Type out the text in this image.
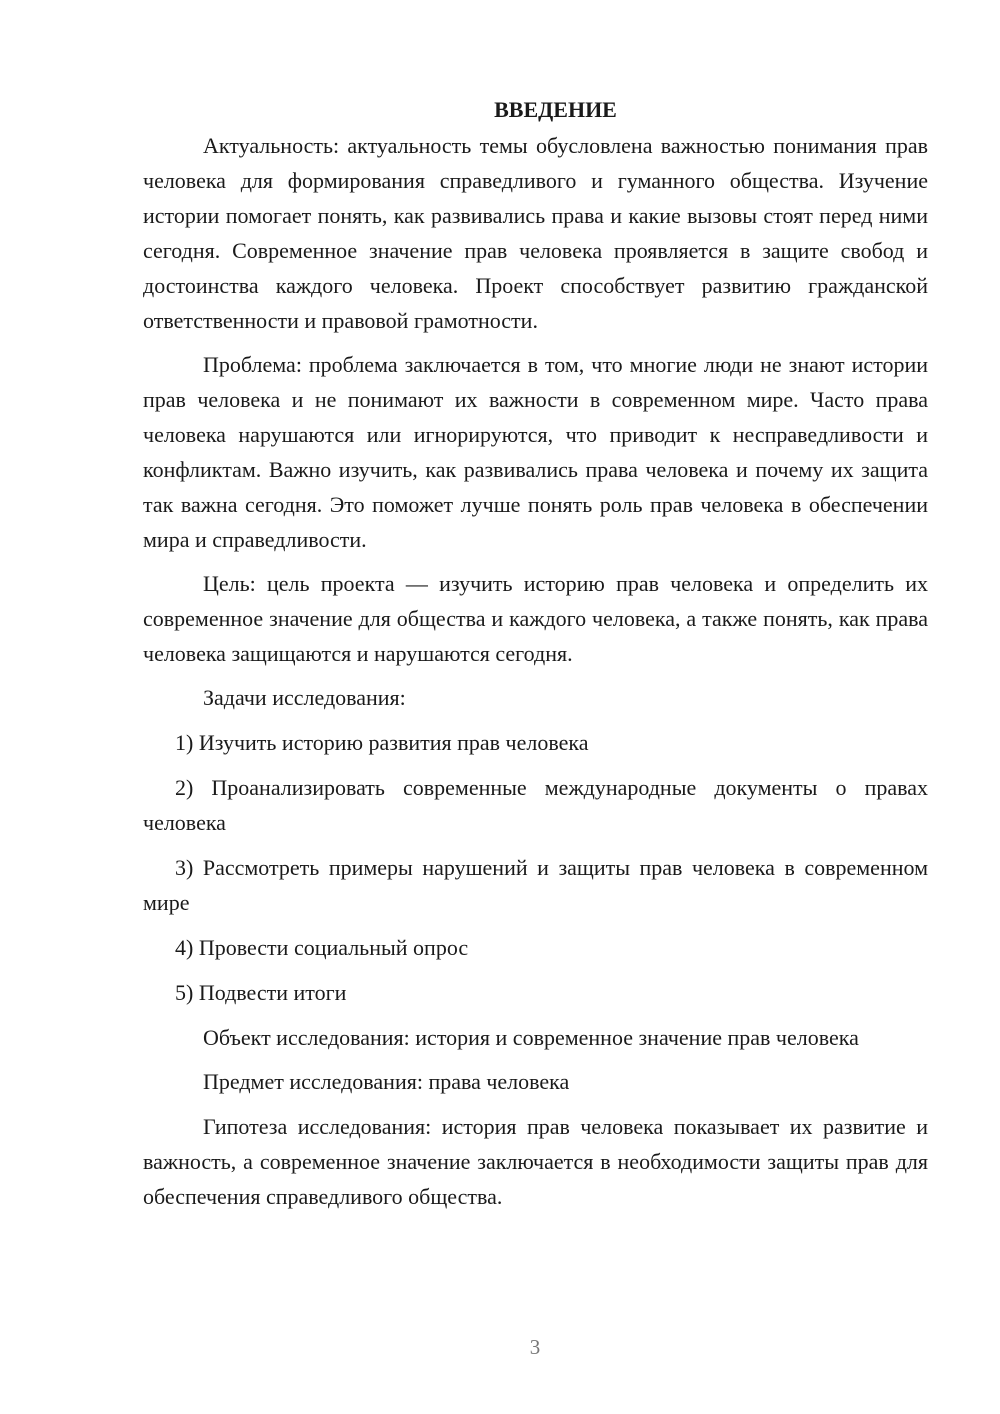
ВВЕДЕНИЕ

Актуальность: актуальность темы обусловлена важностью понимания прав человека для формирования справедливого и гуманного общества. Изучение истории помогает понять, как развивались права и какие вызовы стоят перед ними сегодня. Современное значение прав человека проявляется в защите свобод и достоинства каждого человека. Проект способствует развитию гражданской ответственности и правовой грамотности.

Проблема: проблема заключается в том, что многие люди не знают истории прав человека и не понимают их важности в современном мире. Часто права человека нарушаются или игнорируются, что приводит к несправедливости и конфликтам. Важно изучить, как развивались права человека и почему их защита так важна сегодня. Это поможет лучше понять роль прав человека в обеспечении мира и справедливости.

Цель: цель проекта — изучить историю прав человека и определить их современное значение для общества и каждого человека, а также понять, как права человека защищаются и нарушаются сегодня.

Задачи исследования:

1) Изучить историю развития прав человека

2) Проанализировать современные международные документы о правах человека

3) Рассмотреть примеры нарушений и защиты прав человека в современном мире

4) Провести социальный опрос

5) Подвести итоги

Объект исследования: история и современное значение прав человека

Предмет исследования: права человека

Гипотеза исследования: история прав человека показывает их развитие и важность, а современное значение заключается в необходимости защиты прав для обеспечения справедливого общества.

3
